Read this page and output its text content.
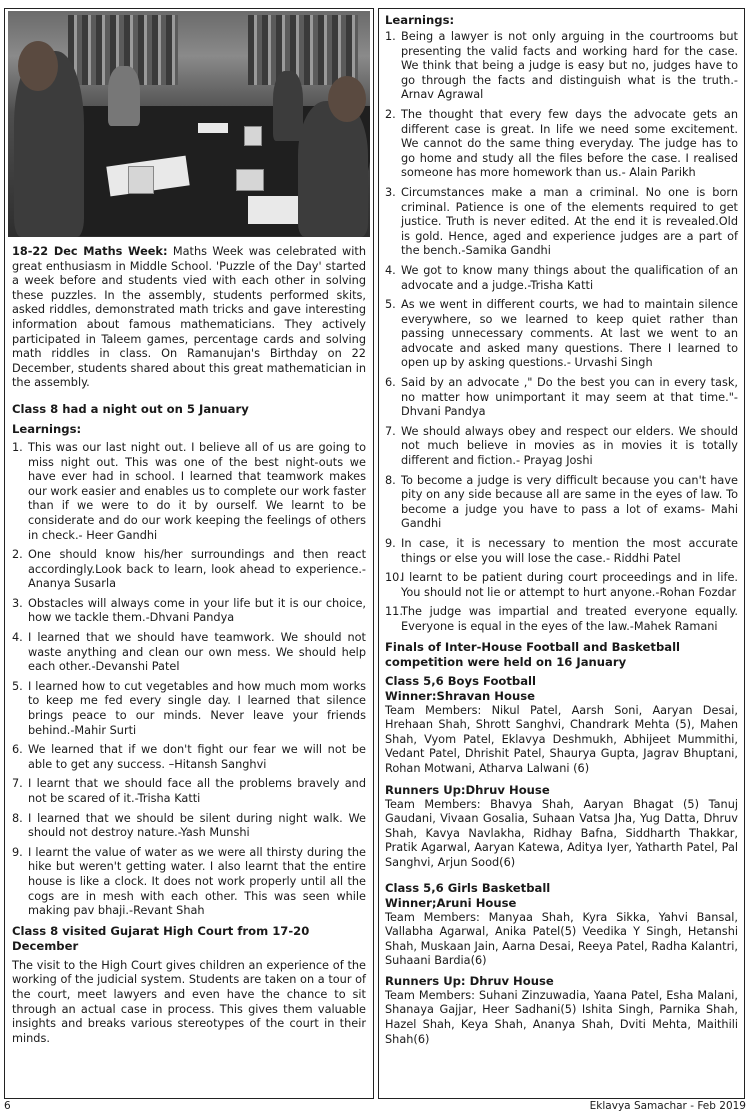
18-22 Dec Maths Week: Maths Week was celebrated with great enthusiasm in Middle School. 'Puzzle of the Day' started a week before and students vied with each other in solving these puzzles. In the assembly, students performed skits, asked riddles, demonstrated math tricks and gave interesting information about famous mathematicians. They actively participated in Taleem games, percentage cards and solving math riddles in class. On Ramanujan's Birthday on 22 December, students shared about this great mathematician in the assembly.

Class 8 had a night out on 5 January

Learnings:

1. This was our last night out. I believe all of us are going to miss night out. This was one of the best night-outs we have ever had in school. I learned that teamwork makes our work easier and enables us to complete our work faster than if we were to do it by ourself. We learnt to be considerate and do our work keeping the feelings of others in check.- Heer Gandhi
2. One should know his/her surroundings and then react accordingly.Look back to learn, look ahead to experience.- Ananya Susarla
3. Obstacles will always come in your life but it is our choice, how we tackle them.-Dhvani Pandya
4. I learned that we should have teamwork. We should not waste anything and clean our own mess. We should help each other.-Devanshi Patel
5. I learned how to cut vegetables and how much mom works to keep me fed every single day. I learned that silence brings peace to our minds. Never leave your friends behind.-Mahir Surti
6. We learned that if we don't fight our fear we will not be able to get any success. –Hitansh Sanghvi
7. I learnt that we should face all the problems bravely and not be scared of it.-Trisha Katti
8. I learned that we should be silent during night walk. We should not destroy nature.-Yash Munshi
9. I learnt the value of water as we were all thirsty during the hike but weren't getting water. I also learnt that the entire house is like a clock. It does not work properly until all the cogs are in mesh with each other. This was seen while making pav bhaji.-Revant Shah

Class 8 visited Gujarat High Court from 17-20 December

The visit to the High Court gives children an experience of the working of the judicial system. Students are taken on a tour of the court, meet lawyers and even have the chance to sit through an actual case in process. This gives them valuable insights and breaks various stereotypes of the court in their minds.

Learnings:

1. Being a lawyer is not only arguing in the courtrooms but presenting the valid facts and working hard for the case. We think that being a judge is easy but no, judges have to go through the facts and distinguish what is the truth.- Arnav Agrawal
2. The thought that every few days the advocate gets an different case is great. In life we need some excitement. We cannot do the same thing everyday. The judge has to go home and study all the files before the case. I realised someone has more homework than us.- Alain Parikh
3. Circumstances make a man a criminal. No one is born criminal. Patience is one of the elements required to get justice. Truth is never edited. At the end it is revealed.Old is gold. Hence, aged and experience judges are a part of the bench.-Samika Gandhi
4. We got to know many things about the qualification of an advocate and a judge.-Trisha Katti
5. As we went in different courts, we had to maintain silence everywhere, so we learned to keep quiet rather than passing unnecessary comments. At last we went to an advocate and asked many questions. There I learned to open up by asking questions.- Urvashi Singh
6. Said by an advocate ," Do the best you can in every task, no matter how unimportant it may seem at that time."- Dhvani Pandya
7. We should always obey and respect our elders. We should not much believe in movies as in movies it is totally different and fiction.- Prayag Joshi
8. To become a judge is very difficult because you can't have pity on any side because all are same in the eyes of law. To become a judge you have to pass a lot of exams- Mahi Gandhi
9. In case, it is necessary to mention the most accurate things or else you will lose the case.- Riddhi Patel
10.
I learnt to be patient during court proceedings and in life. You should not lie or attempt to hurt anyone.-Rohan Fozdar
11.
The judge was impartial and treated everyone equally. Everyone is equal in the eyes of the law.-Mahek Ramani

Finals of Inter-House Football and Basketball competition were held on 16 January

Class 5,6 Boys Football

Winner:Shravan House

Team Members: Nikul Patel, Aarsh Soni, Aaryan Desai, Hrehaan Shah, Shrott Sanghvi, Chandrark Mehta (5), Mahen Shah, Vyom Patel, Eklavya Deshmukh, Abhijeet Mummithi, Vedant Patel, Dhrishit Patel, Shaurya Gupta, Jagrav Bhuptani, Rohan Motwani, Atharva Lalwani (6)

Runners Up:Dhruv House

Team Members: Bhavya Shah, Aaryan Bhagat (5) Tanuj Gaudani, Vivaan Gosalia, Suhaan Vatsa Jha, Yug Datta, Dhruv Shah, Kavya Navlakha, Ridhay Bafna, Siddharth Thakkar, Pratik Agarwal, Aaryan Katewa, Aditya Iyer, Yatharth Patel, Pal Sanghvi, Arjun Sood(6)

Class 5,6 Girls Basketball

Winner;Aruni House

Team Members: Manyaa Shah, Kyra Sikka, Yahvi Bansal, Vallabha Agarwal, Anika Patel(5) Veedika Y Singh, Hetanshi Shah, Muskaan Jain, Aarna Desai, Reeya Patel, Radha Kalantri, Suhaani Bardia(6)

Runners Up: Dhruv House

Team Members: Suhani Zinzuwadia, Yaana Patel, Esha Malani, Shanaya Gajjar, Heer Sadhani(5) Ishita Singh, Parnika Shah, Hazel Shah, Keya Shah, Ananya Shah, Dviti Mehta, Maithili Shah(6)

6	Eklavya Samachar - Feb 2019
